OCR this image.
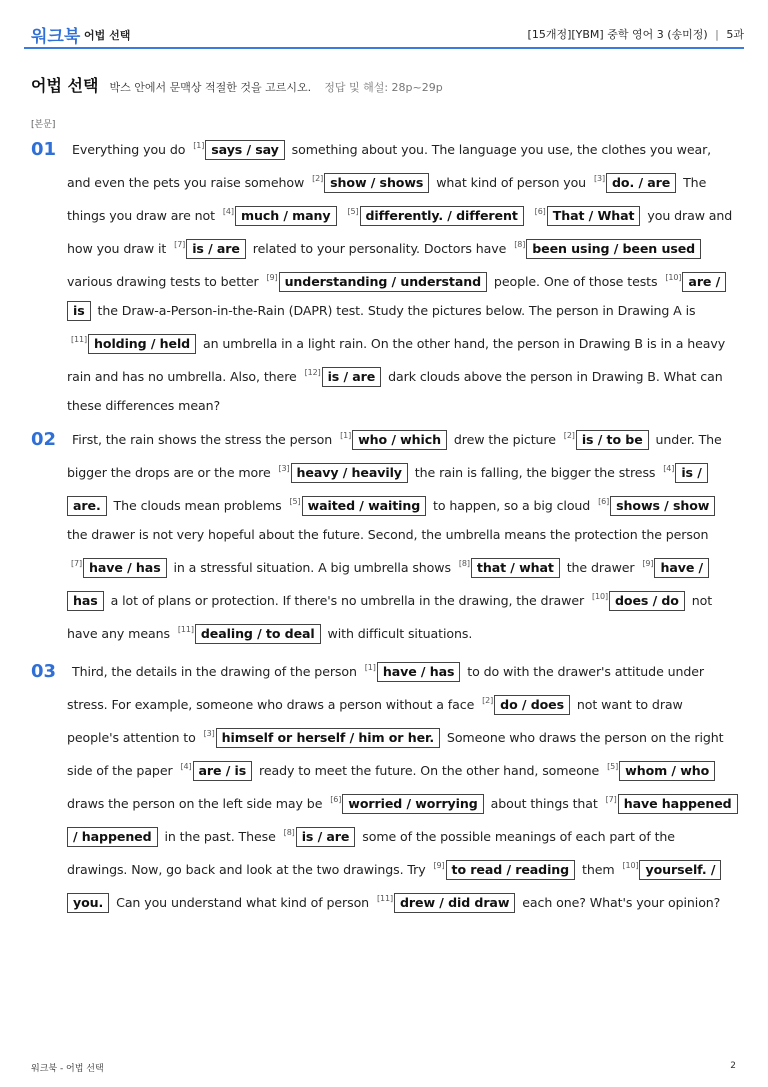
워크북 어법 선택	[15개정][YBM] 중학 영어 3 (송미정) | 5과
어법 선택 박스 안에서 문맥상 적절한 것을 고르시오. 정답 및 해설: 28p~29p
[본문]
01	Everything you do [1] says / say something about you. The language you use, the clothes you wear, and even the pets you raise somehow [2] show / shows what kind of person you [3] do. / are The things you draw are not [4] much / many [5] differently. / different [6] That / What you draw and how you draw it [7] is / are related to your personality. Doctors have [8] been using / been used various drawing tests to better [9] understanding / understand people. One of those tests [10] are / is the Draw-a-Person-in-the-Rain (DAPR) test. Study the pictures below. The person in Drawing A is [11] holding / held an umbrella in a light rain. On the other hand, the person in Drawing B is in a heavy rain and has no umbrella. Also, there [12] is / are dark clouds above the person in Drawing B. What can these differences mean?
02	First, the rain shows the stress the person [1] who / which drew the picture [2] is / to be under. The bigger the drops are or the more [3] heavy / heavily the rain is falling, the bigger the stress [4] is / are. The clouds mean problems [5] waited / waiting to happen, so a big cloud [6] shows / show the drawer is not very hopeful about the future. Second, the umbrella means the protection the person [7] have / has in a stressful situation. A big umbrella shows [8] that / what the drawer [9] have / has a lot of plans or protection. If there's no umbrella in the drawing, the drawer [10] does / do not have any means [11] dealing / to deal with difficult situations.
03	Third, the details in the drawing of the person [1] have / has to do with the drawer's attitude under stress. For example, someone who draws a person without a face [2] do / does not want to draw people's attention to [3] himself or herself / him or her. Someone who draws the person on the right side of the paper [4] are / is ready to meet the future. On the other hand, someone [5] whom / who draws the person on the left side may be [6] worried / worrying about things that [7] have happened / happened in the past. These [8] is / are some of the possible meanings of each part of the drawings. Now, go back and look at the two drawings. Try [9] to read / reading them [10] yourself. / you. Can you understand what kind of person [11] drew / did draw each one? What's your opinion?
워크북 - 어법 선택	2
